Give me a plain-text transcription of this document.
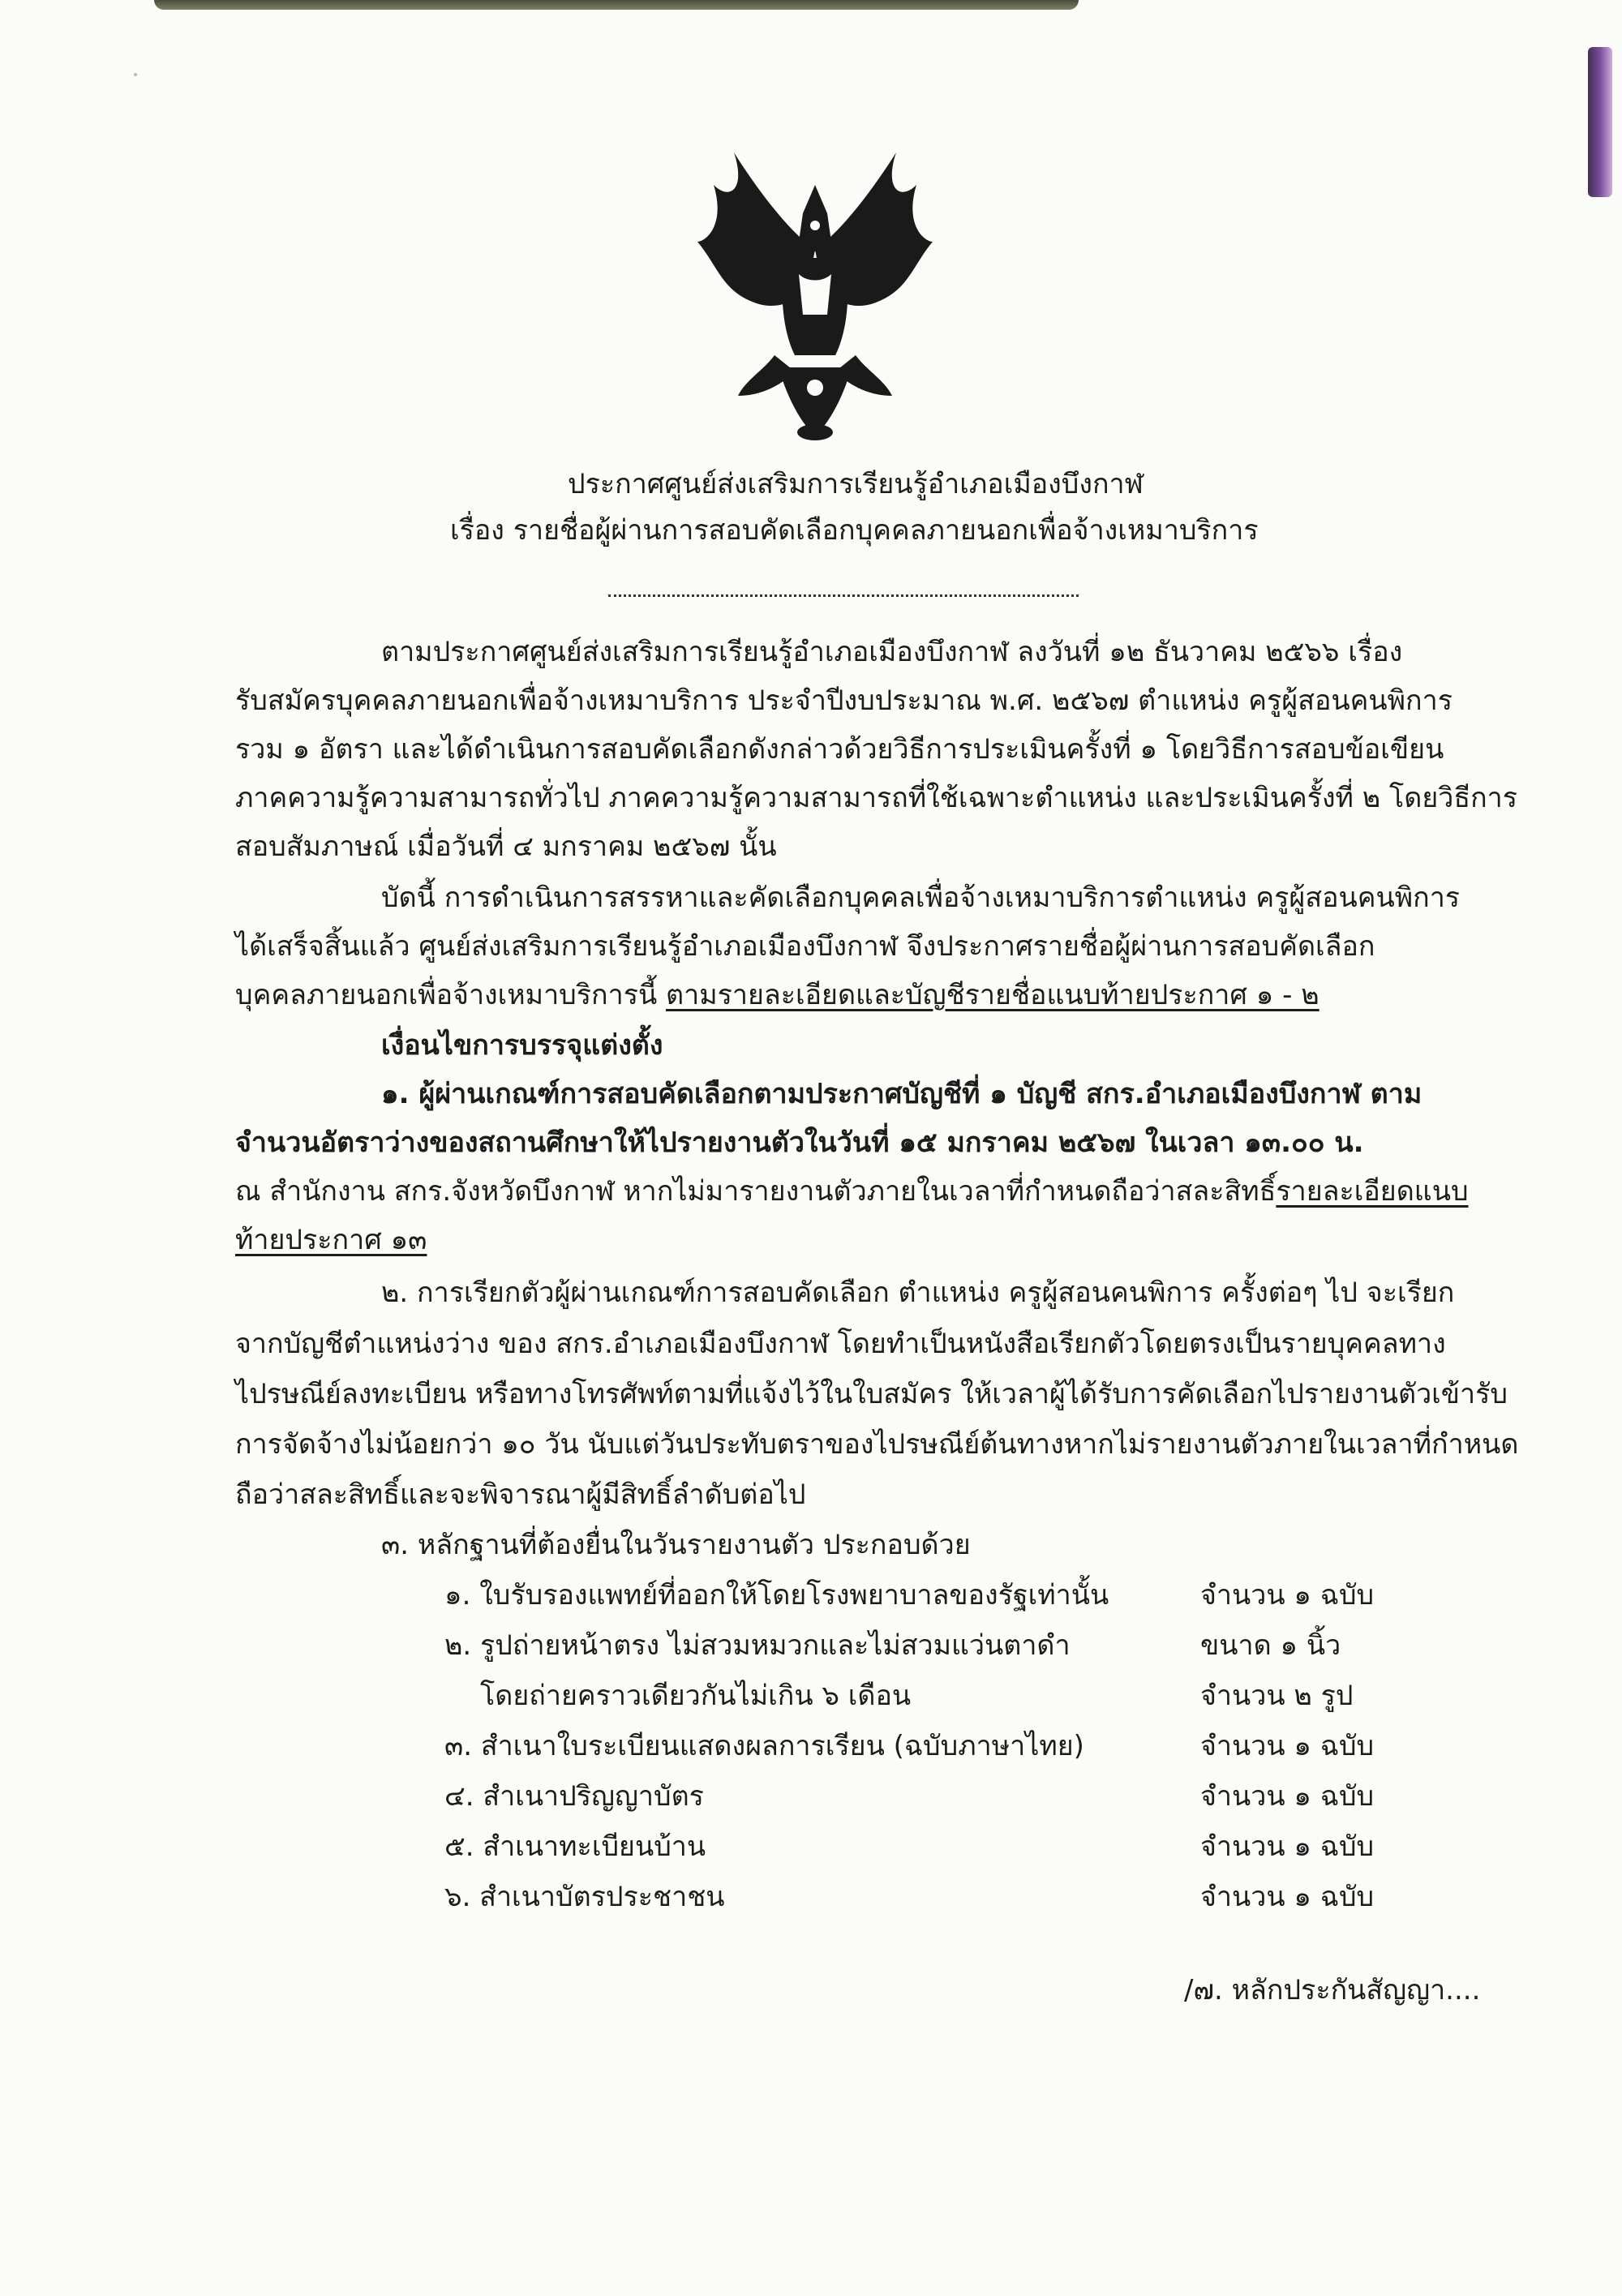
ประกาศศูนย์ส่งเสริมการเรียนรู้อำเภอเมืองบึงกาฬ
เรื่อง รายชื่อผู้ผ่านการสอบคัดเลือกบุคคลภายนอกเพื่อจ้างเหมาบริการ
ตามประกาศศูนย์ส่งเสริมการเรียนรู้อำเภอเมืองบึงกาฬ ลงวันที่ ๑๒ ธันวาคม ๒๕๖๖ เรื่อง
รับสมัครบุคคลภายนอกเพื่อจ้างเหมาบริการ ประจำปีงบประมาณ พ.ศ. ๒๕๖๗ ตำแหน่ง ครูผู้สอนคนพิการ
รวม ๑ อัตรา และได้ดำเนินการสอบคัดเลือกดังกล่าวด้วยวิธีการประเมินครั้งที่ ๑ โดยวิธีการสอบข้อเขียน
ภาคความรู้ความสามารถทั่วไป ภาคความรู้ความสามารถที่ใช้เฉพาะตำแหน่ง และประเมินครั้งที่ ๒ โดยวิธีการ
สอบสัมภาษณ์ เมื่อวันที่ ๔ มกราคม ๒๕๖๗ นั้น
บัดนี้ การดำเนินการสรรหาและคัดเลือกบุคคลเพื่อจ้างเหมาบริการตำแหน่ง ครูผู้สอนคนพิการ
ได้เสร็จสิ้นแล้ว ศูนย์ส่งเสริมการเรียนรู้อำเภอเมืองบึงกาฬ จึงประกาศรายชื่อผู้ผ่านการสอบคัดเลือก
บุคคลภายนอกเพื่อจ้างเหมาบริการนี้ ตามรายละเอียดและบัญชีรายชื่อแนบท้ายประกาศ ๑ - ๒
เงื่อนไขการบรรจุแต่งตั้ง
๑. ผู้ผ่านเกณฑ์การสอบคัดเลือกตามประกาศบัญชีที่ ๑ บัญชี สกร.อำเภอเมืองบึงกาฬ ตาม
จำนวนอัตราว่างของสถานศึกษาให้ไปรายงานตัวในวันที่ ๑๕ มกราคม ๒๕๖๗ ในเวลา ๑๓.๐๐ น.
ณ สำนักงาน สกร.จังหวัดบึงกาฬ หากไม่มารายงานตัวภายในเวลาที่กำหนดถือว่าสละสิทธิ์รายละเอียดแนบ
ท้ายประกาศ ๑๓
๒. การเรียกตัวผู้ผ่านเกณฑ์การสอบคัดเลือก ตำแหน่ง ครูผู้สอนคนพิการ ครั้งต่อๆ ไป จะเรียก
จากบัญชีตำแหน่งว่าง ของ สกร.อำเภอเมืองบึงกาฬ โดยทำเป็นหนังสือเรียกตัวโดยตรงเป็นรายบุคคลทาง
ไปรษณีย์ลงทะเบียน หรือทางโทรศัพท์ตามที่แจ้งไว้ในใบสมัคร ให้เวลาผู้ได้รับการคัดเลือกไปรายงานตัวเข้ารับ
การจัดจ้างไม่น้อยกว่า ๑๐ วัน นับแต่วันประทับตราของไปรษณีย์ต้นทางหากไม่รายงานตัวภายในเวลาที่กำหนด
ถือว่าสละสิทธิ์และจะพิจารณาผู้มีสิทธิ์ลำดับต่อไป
๓. หลักฐานที่ต้องยื่นในวันรายงานตัว ประกอบด้วย
๑. ใบรับรองแพทย์ที่ออกให้โดยโรงพยาบาลของรัฐเท่านั้น	จำนวน ๑ ฉบับ
๒. รูปถ่ายหน้าตรง ไม่สวมหมวกและไม่สวมแว่นตาดำ	ขนาด ๑ นิ้ว
โดยถ่ายคราวเดียวกันไม่เกิน ๖ เดือน	จำนวน ๒ รูป
๓. สำเนาใบระเบียนแสดงผลการเรียน (ฉบับภาษาไทย)	จำนวน ๑ ฉบับ
๔. สำเนาปริญญาบัตร	จำนวน ๑ ฉบับ
๕. สำเนาทะเบียนบ้าน	จำนวน ๑ ฉบับ
๖. สำเนาบัตรประชาชน	จำนวน ๑ ฉบับ
/๗. หลักประกันสัญญา....
